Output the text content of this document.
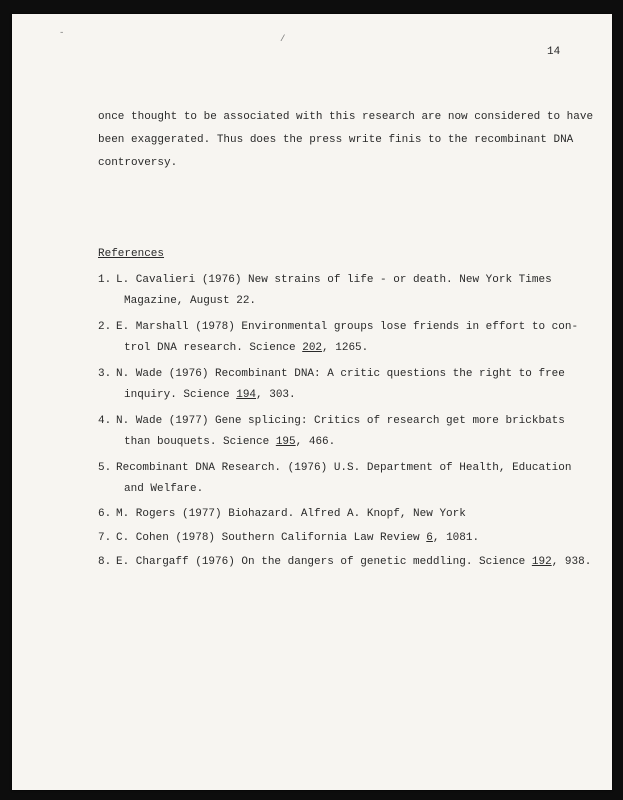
-
/
14
once thought to be associated with this research are now considered to have
been exaggerated. Thus does the press write finis to the recombinant DNA
controversy.
References
1. L. Cavalieri (1976) New strains of life - or death. New York Times
Magazine, August 22.
2. E. Marshall (1978) Environmental groups lose friends in effort to con-
trol DNA research. Science 202, 1265.
3. N. Wade (1976) Recombinant DNA: A critic questions the right to free
inquiry. Science 194, 303.
4. N. Wade (1977) Gene splicing: Critics of research get more brickbats
than bouquets. Science 195, 466.
5. Recombinant DNA Research. (1976) U.S. Department of Health, Education
and Welfare.
6. M. Rogers (1977) Biohazard. Alfred A. Knopf, New York
7. C. Cohen (1978) Southern California Law Review 6, 1081.
8. E. Chargaff (1976) On the dangers of genetic meddling. Science 192, 938.
